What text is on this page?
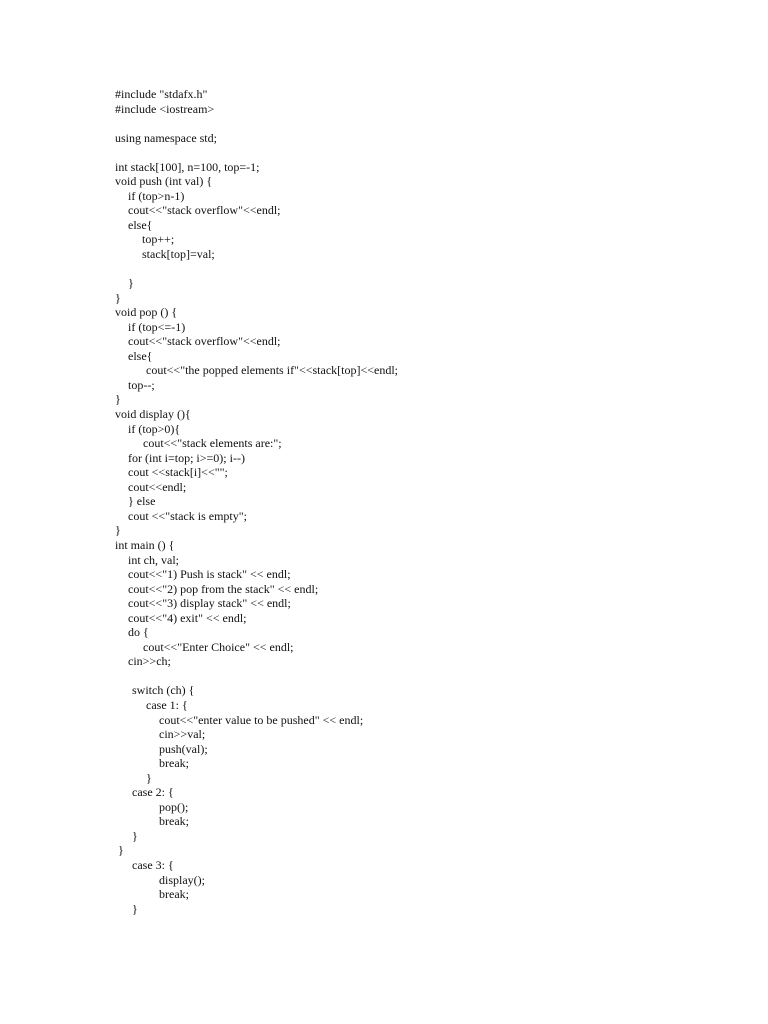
#include "stdafx.h"
#include <iostream>
using namespace std;
int stack[100], n=100, top=-1;
void push (int val) {
if (top>n-1)
cout<<"stack overflow"<<endl;
else{
top++;
stack[top]=val;
}
}
void pop () {
if (top<=-1)
cout<<"stack overflow"<<endl;
else{
cout<<"the popped elements if"<<stack[top]<<endl;
top--;
}
void display (){
if (top>0){
cout<<"stack elements are:";
for (int i=top; i>=0); i--)
cout <<stack[i]<<"";
cout<<endl;
} else
cout <<"stack is empty";
}
int main () {
int ch, val;
cout<<"1) Push is stack" << endl;
cout<<"2) pop from the stack" << endl;
cout<<"3) display stack" << endl;
cout<<"4) exit" << endl;
do {
cout<<"Enter Choice" << endl;
cin>>ch;
switch (ch) {
case 1: {
cout<<"enter value to be pushed" << endl;
cin>>val;
push(val);
break;
}
case 2: {
pop();
break;
}
}
case 3: {
display();
break;
}
